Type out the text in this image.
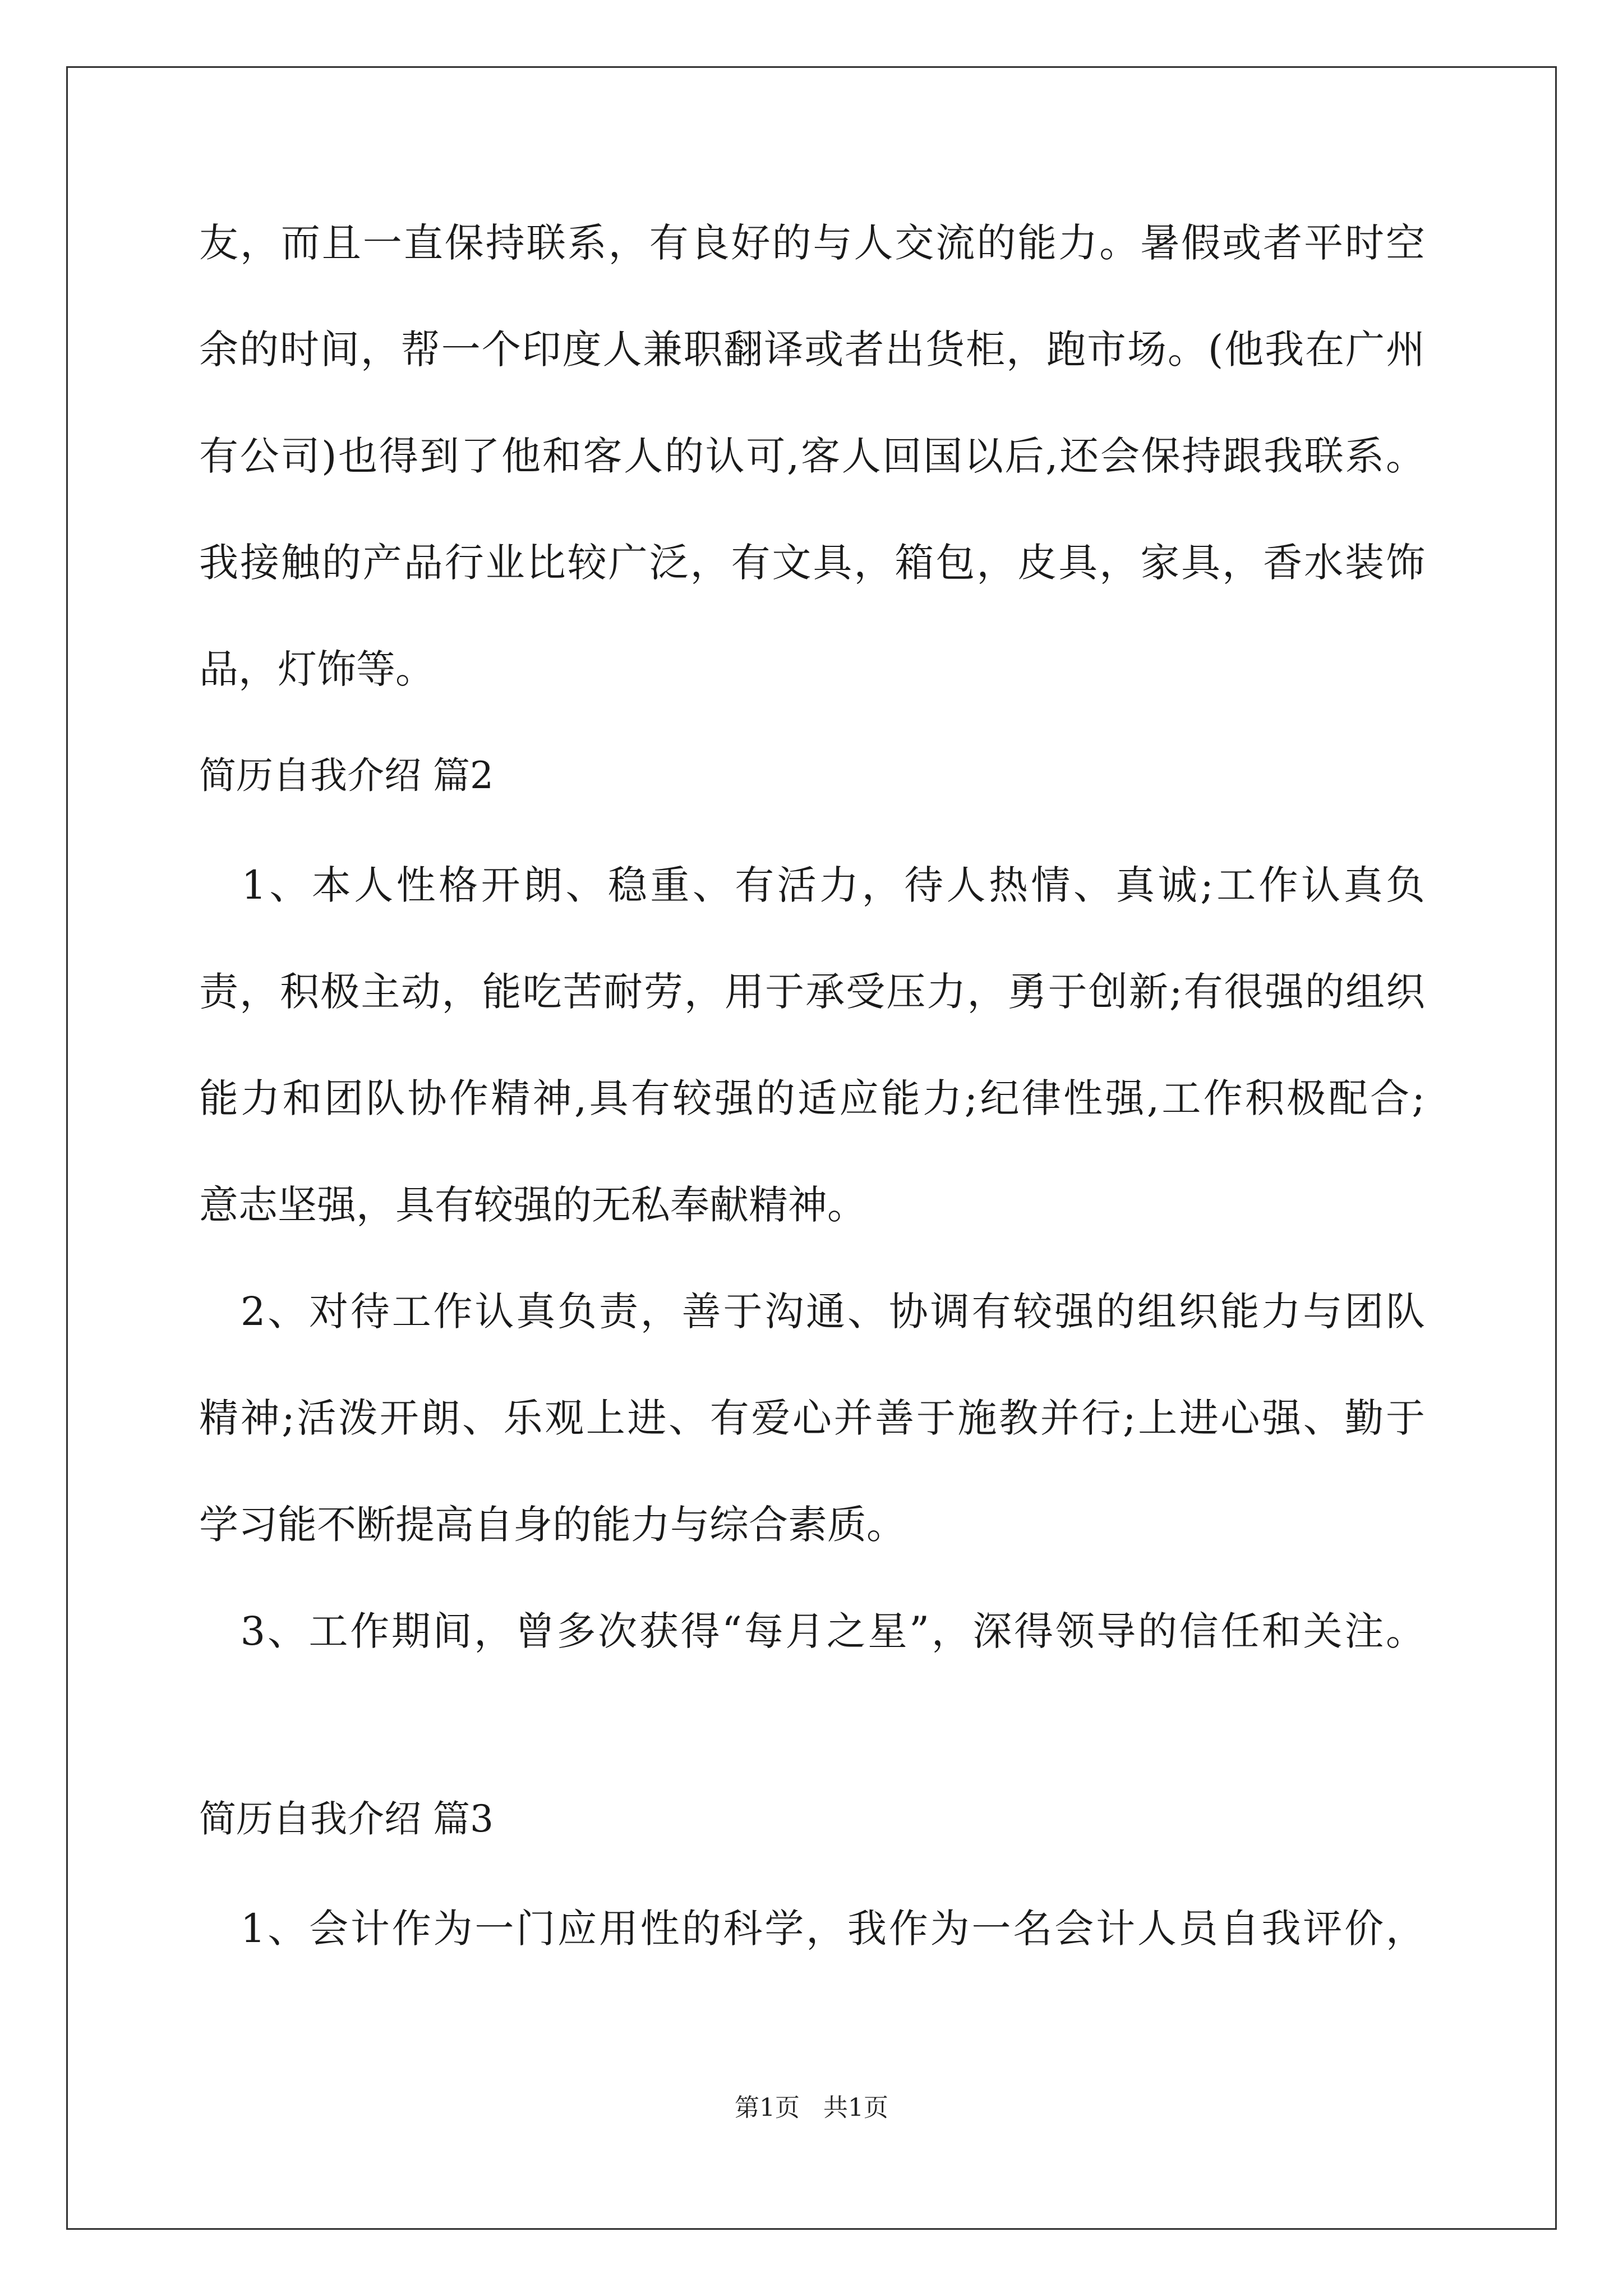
友，而且一直保持联系，有良好的与人交流的能力。暑假或者平时空
余的时间，帮一个印度人兼职翻译或者出货柜，跑市场。(他我在广州
有公司)也得到了他和客人的认可,客人回国以后,还会保持跟我联系。
我接触的产品行业比较广泛，有文具，箱包，皮具，家具，香水装饰
品，灯饰等。
简历自我介绍 篇2
　1、本人性格开朗、稳重、有活力，待人热情、真诚;工作认真负
责，积极主动，能吃苦耐劳，用于承受压力，勇于创新;有很强的组织
能力和团队协作精神,具有较强的适应能力;纪律性强,工作积极配合;
意志坚强，具有较强的无私奉献精神。
　2、对待工作认真负责，善于沟通、协调有较强的组织能力与团队
精神;活泼开朗、乐观上进、有爱心并善于施教并行;上进心强、勤于
学习能不断提高自身的能力与综合素质。
　3、工作期间，曾多次获得“每月之星”，深得领导的信任和关注。
简历自我介绍 篇3
　1、会计作为一门应用性的科学，我作为一名会计人员自我评价，
第1页 共1页
